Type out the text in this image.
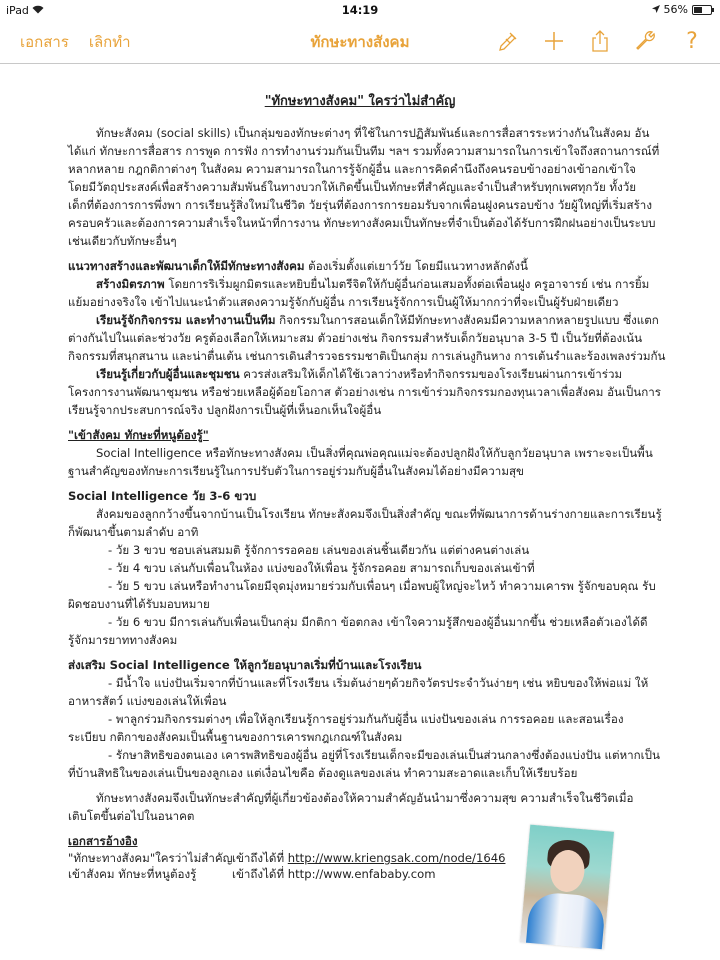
iPad	14:19	56%
เอกสาร เลิกทำ	ทักษะทางสังคม	?
"ทักษะทางสังคม" ใครว่าไม่สำคัญ
ทักษะสังคม (social skills) เป็นกลุ่มของทักษะต่างๆ ที่ใช้ในการปฏิสัมพันธ์และการสื่อสารระหว่างกันในสังคม อัน
ได้แก่ ทักษะการสื่อสาร การพูด การฟัง การทำงานร่วมกันเป็นทีม ฯลฯ รวมทั้งความสามารถในการเข้าใจถึงสถานการณ์ที่
หลากหลาย กฎกติกาต่างๆ ในสังคม ความสามารถในการรู้จักผู้อื่น และการคิดคำนึงถึงคนรอบข้างอย่างเข้าอกเข้าใจ
โดยมีวัตถุประสงค์เพื่อสร้างความสัมพันธ์ในทางบวกให้เกิดขึ้นเป็นทักษะที่สำคัญและจำเป็นสำหรับทุกเพศทุกวัย ทั้งวัย
เด็กที่ต้องการการพึ่งพา การเรียนรู้สิ่งใหม่ในชีวิต วัยรุ่นที่ต้องการการยอมรับจากเพื่อนฝูงคนรอบข้าง วัยผู้ใหญ่ที่เริ่มสร้าง
ครอบครัวและต้องการความสำเร็จในหน้าที่การงาน ทักษะทางสังคมเป็นทักษะที่จำเป็นต้องได้รับการฝึกฝนอย่างเป็นระบบ
เช่นเดียวกับทักษะอื่นๆ
แนวทางสร้างและพัฒนาเด็กให้มีทักษะทางสังคม ต้องเริ่มตั้งแต่เยาว์วัย โดยมีแนวทางหลักดังนี้
สร้างมิตรภาพ โดยการริเริ่มผูกมิตรและหยิบยื่นไมตรีจิตให้กับผู้อื่นก่อนเสมอทั้งต่อเพื่อนฝูง ครูอาจารย์ เช่น การยิ้ม
แย้มอย่างจริงใจ เข้าไปแนะนำตัวแสดงความรู้จักกับผู้อื่น การเรียนรู้จักการเป็นผู้ให้มากกว่าที่จะเป็นผู้รับฝ่ายเดียว
เรียนรู้จักกิจกรรม และทำงานเป็นทีม กิจกรรมในการสอนเด็กให้มีทักษะทางสังคมมีความหลากหลายรูปแบบ ซึ่งแตก
ต่างกันไปในแต่ละช่วงวัย ครูต้องเลือกให้เหมาะสม ตัวอย่างเช่น กิจกรรมสำหรับเด็กวัยอนุบาล 3-5 ปี เป็นวัยที่ต้องเน้น
กิจกรรมที่สนุกสนาน และน่าตื่นเต้น เช่นการเดินสำรวจธรรมชาติเป็นกลุ่ม การเล่นงูกินหาง การเต้นรำและร้องเพลงร่วมกัน
เรียนรู้เกี่ยวกับผู้อื่นและชุมชน ควรส่งเสริมให้เด็กได้ใช้เวลาว่างหรือทำกิจกรรมของโรงเรียนผ่านการเข้าร่วม
โครงการงานพัฒนาชุมชน หรือช่วยเหลือผู้ด้อยโอกาส ตัวอย่างเช่น การเข้าร่วมกิจกรรมกองทุนเวลาเพื่อสังคม อันเป็นการ
เรียนรู้จากประสบการณ์จริง ปลูกฝังการเป็นผู้ที่เห็นอกเห็นใจผู้อื่น
"เข้าสังคม ทักษะที่หนูต้องรู้"
Social Intelligence หรือทักษะทางสังคม เป็นสิ่งที่คุณพ่อคุณแม่จะต้องปลูกฝังให้กับลูกวัยอนุบาล เพราะจะเป็นพื้น
ฐานสำคัญของทักษะการเรียนรู้ในการปรับตัวในการอยู่ร่วมกับผู้อื่นในสังคมได้อย่างมีความสุข
Social Intelligence วัย 3-6 ขวบ
สังคมของลูกกว้างขึ้นจากบ้านเป็นโรงเรียน ทักษะสังคมจึงเป็นสิ่งสำคัญ ขณะที่พัฒนาการด้านร่างกายและการเรียนรู้
ก็พัฒนาขึ้นตามลำดับ อาทิ
- วัย 3 ขวบ ชอบเล่นสมมติ รู้จักการรอคอย เล่นของเล่นชิ้นเดียวกัน แต่ต่างคนต่างเล่น
- วัย 4 ขวบ เล่นกับเพื่อนในห้อง แบ่งของให้เพื่อน รู้จักรอคอย สามารถเก็บของเล่นเข้าที่
- วัย 5 ขวบ เล่นหรือทำงานโดยมีจุดมุ่งหมายร่วมกับเพื่อนๆ เมื่อพบผู้ใหญ่จะไหว้ ทำความเคารพ รู้จักขอบคุณ รับ
ผิดชอบงานที่ได้รับมอบหมาย
- วัย 6 ขวบ มีการเล่นกับเพื่อนเป็นกลุ่ม มีกติกา ข้อตกลง เข้าใจความรู้สึกของผู้อื่นมากขึ้น ช่วยเหลือตัวเองได้ดี
รู้จักมารยาททางสังคม
ส่งเสริม Social Intelligence ให้ลูกวัยอนุบาลเริ่มที่บ้านและโรงเรียน
- มีน้ำใจ แบ่งปันเริ่มจากที่บ้านและที่โรงเรียน เริ่มต้นง่ายๆด้วยกิจวัตรประจำวันง่ายๆ เช่น หยิบของให้พ่อแม่ ให้
อาหารสัตว์ แบ่งของเล่นให้เพื่อน
- พาลูกร่วมกิจกรรมต่างๆ เพื่อให้ลูกเรียนรู้การอยู่ร่วมกันกับผู้อื่น แบ่งปันของเล่น การรอคอย และสอนเรื่อง
ระเบียบ กติกาของสังคมเป็นพื้นฐานของการเคารพกฎเกณฑ์ในสังคม
- รักษาสิทธิของตนเอง เคารพสิทธิของผู้อื่น อยู่ที่โรงเรียนเด็กจะมีของเล่นเป็นส่วนกลางซึ่งต้องแบ่งปัน แต่หากเป็น
ที่บ้านสิทธิในของเล่นเป็นของลูกเอง แต่เงื่อนไขคือ ต้องดูแลของเล่น ทำความสะอาดและเก็บให้เรียบร้อย
ทักษะทางสังคมจึงเป็นทักษะสำคัญที่ผู้เกี่ยวข้องต้องให้ความสำคัญอันนำมาซึ่งความสุข ความสำเร็จในชีวิตเมื่อ
เติบโตขึ้นต่อไปในอนาคต
เอกสารอ้างอิง
"ทักษะทางสังคม"ใครว่าไม่สำคัญ เข้าถึงได้ที่ http://www.kriengsak.com/node/1646
เข้าสังคม ทักษะที่หนูต้องรู้	เข้าถึงได้ที่ http://www.enfababy.com
